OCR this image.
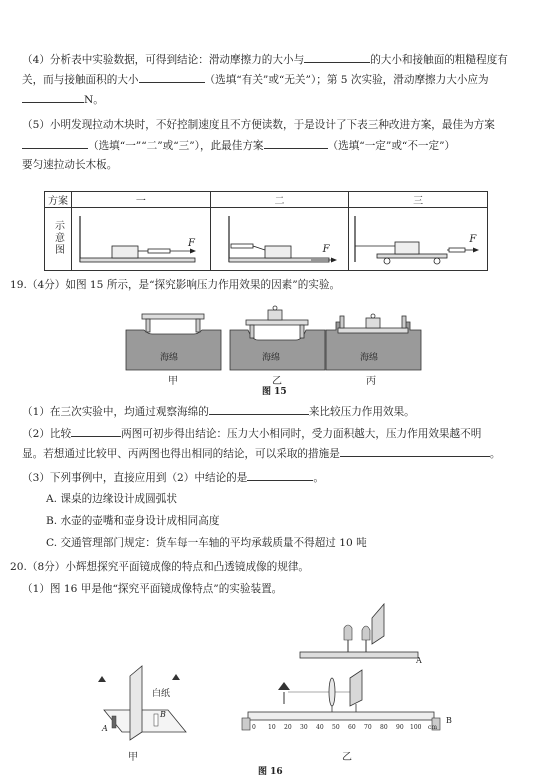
（4）分析表中实验数据，可得到结论：滑动摩擦力的大小与	的大小和接触面的粗糙程度有
关，而与接触面积的大小	（选填“有关”或“无关”）；第 5 次实验，滑动摩擦力大小应为
N。
（5）小明发现拉动木块时，不好控制速度且不方便读数，于是设计了下表三种改进方案，最佳为方案
（选填“一”“二”或“三”），此最佳方案	（选填“一定”或“不一定”）
要匀速拉动长木板。
方案	一	二	三
示意图	F	F	F
19.（4分）如图 15 所示，是“探究影响压力作用效果的因素”的实验。
海绵
甲
海绵
乙
海绵
丙
图 15
（1）在三次实验中，均通过观察海绵的	来比较压力作用效果。
（2）比较	两图可初步得出结论：压力大小相同时，受力面积越大，压力作用效果越不明
显。若想通过比较甲、丙两图也得出相同的结论，可以采取的措施是	。
（3）下列事例中，直接应用到（2）中结论的是	。
A. 课桌的边缘设计成圆弧状
B. 水壶的壶嘴和壶身设计成相同高度
C. 交通管理部门规定：货车每一车轴的平均承载质量不得超过 10 吨
20.（8分）小辉想探究平面镜成像的特点和凸透镜成像的规律。
（1）图 16 甲是他“探究平面镜成像特点”的实验装置。
白纸
A
B
甲
A
B
0 10 20 30 40 50 60 70 80 90 100 cm
乙
图 16
